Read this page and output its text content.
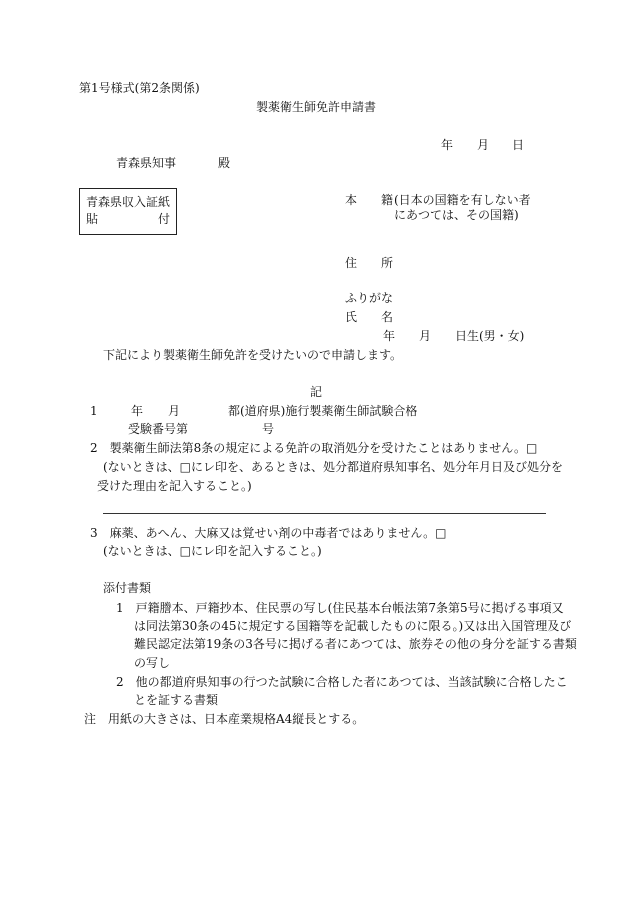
第1号様式(第2条関係)
製薬衛生師免許申請書
年 月 日
青森県知事	殿
青森県収入証紙
貼	付
本　　籍 (日本の国籍を有しない者
にあつては、その国籍)
住　　所
ふりがな
氏　　名
年　　月　　日生(男・女)
下記により製薬衛生師免許を受けたいので申請します。
記
1	年 月	都(道府県)施行製薬衛生師試験合格
受験番号第	号
2　製薬衛生師法第8条の規定による免許の取消処分を受けたことはありません。□
(ないときは、□にレ印を、あるときは、処分都道府県知事名、処分年月日及び処分を
受けた理由を記入すること。)
3　麻薬、あへん、大麻又は覚せい剤の中毒者ではありません。□
(ないときは、□にレ印を記入すること。)
添付書類
1　戸籍謄本、戸籍抄本、住民票の写し(住民基本台帳法第7条第5号に掲げる事項又
は同法第30条の45に規定する国籍等を記載したものに限る。)又は出入国管理及び
難民認定法第19条の3各号に掲げる者にあつては、旅券その他の身分を証する書類
の写し
2　他の都道府県知事の行つた試験に合格した者にあつては、当該試験に合格したこ
とを証する書類
注　用紙の大きさは、日本産業規格A4縦長とする。
